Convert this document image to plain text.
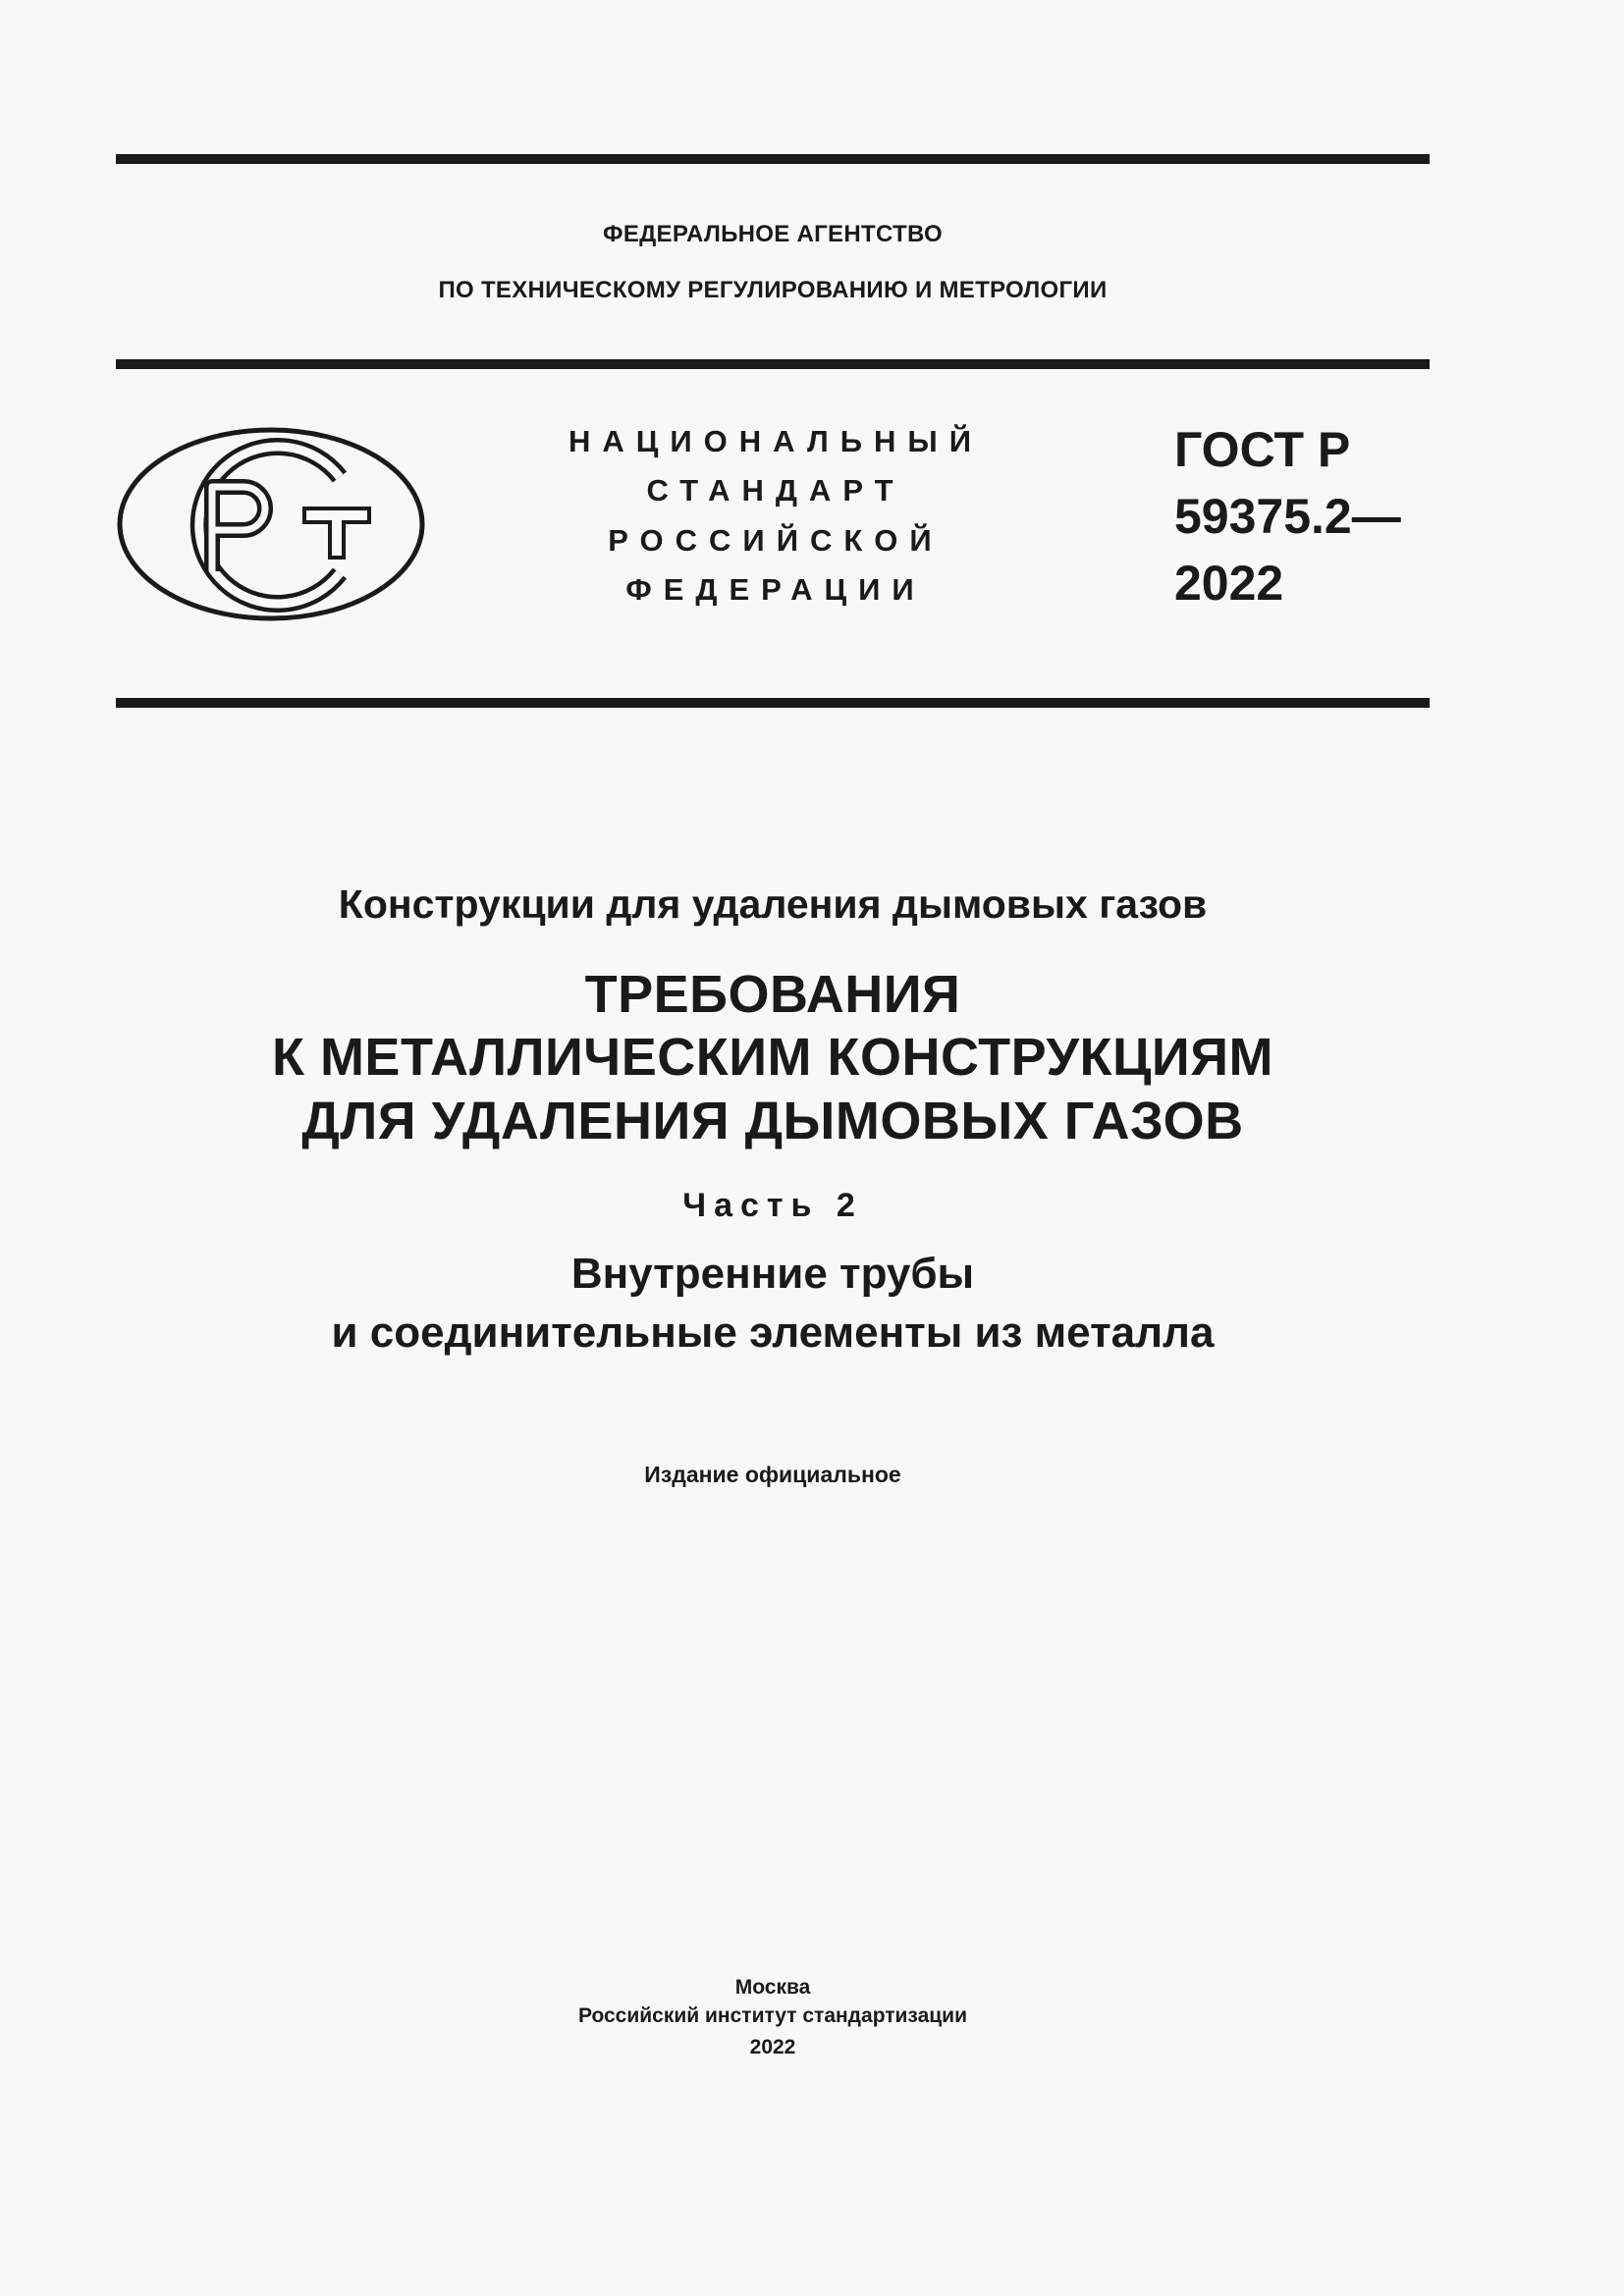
ФЕДЕРАЛЬНОЕ АГЕНТСТВО
ПО ТЕХНИЧЕСКОМУ РЕГУЛИРОВАНИЮ И МЕТРОЛОГИИ
НАЦИОНАЛЬНЫЙ
СТАНДАРТ
РОССИЙСКОЙ
ФЕДЕРАЦИИ
ГОСТ Р
59375.2—
2022
Конструкции для удаления дымовых газов
ТРЕБОВАНИЯ
К МЕТАЛЛИЧЕСКИМ КОНСТРУКЦИЯМ
ДЛЯ УДАЛЕНИЯ ДЫМОВЫХ ГАЗОВ
Часть 2
Внутренние трубы
и соединительные элементы из металла
Издание официальное
Москва
Российский институт стандартизации
2022
